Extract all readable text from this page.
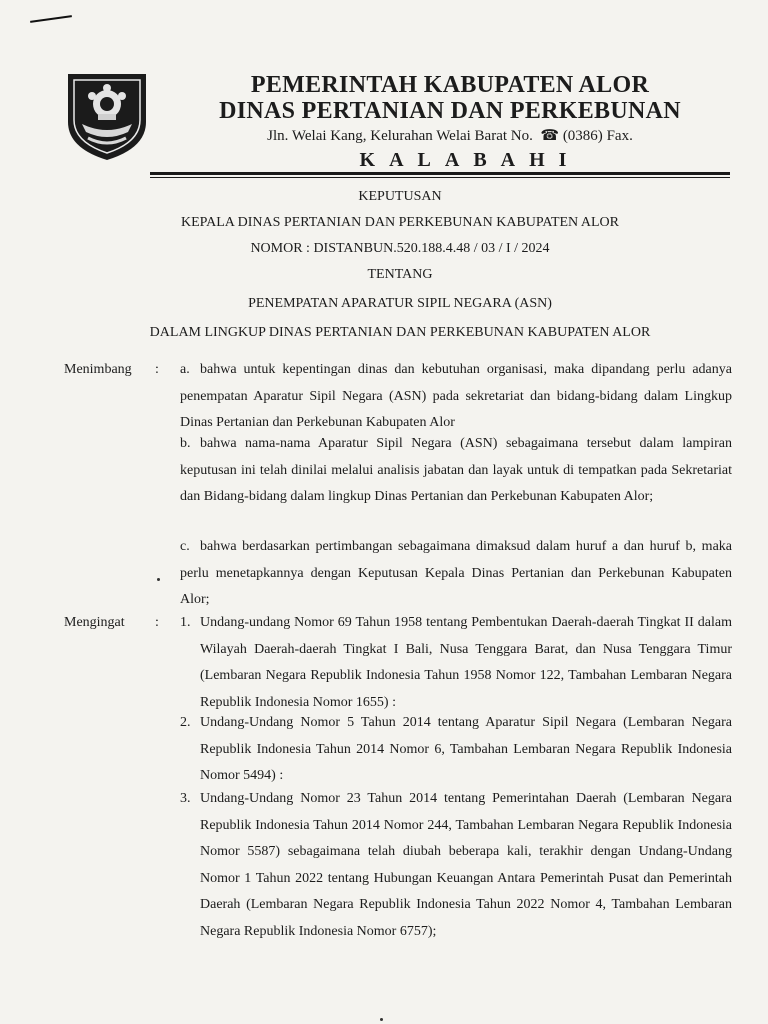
PEMERINTAH KABUPATEN ALOR
DINAS PERTANIAN DAN PERKEBUNAN
Jln. Welai Kang, Kelurahan Welai Barat No.  ☎ (0386) Fax.
KALABAHI
KEPUTUSAN
KEPALA DINAS PERTANIAN DAN PERKEBUNAN KABUPATEN ALOR
NOMOR : DISTANBUN.520.188.4.48 / 03 / I / 2024
TENTANG
PENEMPATAN APARATUR SIPIL NEGARA (ASN)
DALAM LINGKUP DINAS PERTANIAN DAN PERKEBUNAN KABUPATEN ALOR
Menimbang	:	a. bahwa untuk kepentingan dinas dan kebutuhan organisasi, maka dipandang perlu adanya penempatan Aparatur Sipil Negara (ASN) pada sekretariat dan bidang-bidang dalam Lingkup Dinas Pertanian dan Perkebunan Kabupaten Alor
b. bahwa nama-nama Aparatur Sipil Negara (ASN) sebagaimana tersebut dalam lampiran keputusan ini telah dinilai melalui analisis jabatan dan layak untuk di tempatkan pada Sekretariat dan Bidang-bidang dalam lingkup Dinas Pertanian dan Perkebunan Kabupaten Alor;
c. bahwa berdasarkan pertimbangan sebagaimana dimaksud dalam huruf a dan huruf b, maka perlu menetapkannya dengan Keputusan Kepala Dinas Pertanian dan Perkebunan Kabupaten Alor;
Mengingat	:	1. Undang-undang Nomor 69 Tahun 1958 tentang Pembentukan Daerah-daerah Tingkat II dalam Wilayah Daerah-daerah Tingkat I Bali, Nusa Tenggara Barat, dan Nusa Tenggara Timur (Lembaran Negara Republik Indonesia Tahun 1958 Nomor 122, Tambahan Lembaran Negara Republik Indonesia Nomor 1655) :
2. Undang-Undang Nomor 5 Tahun 2014 tentang Aparatur Sipil Negara (Lembaran Negara Republik Indonesia Tahun 2014 Nomor 6, Tambahan Lembaran Negara Republik Indonesia Nomor 5494) :
3. Undang-Undang Nomor 23 Tahun 2014 tentang Pemerintahan Daerah (Lembaran Negara Republik Indonesia Tahun 2014 Nomor 244, Tambahan Lembaran Negara Republik Indonesia Nomor 5587) sebagaimana telah diubah beberapa kali, terakhir dengan Undang-Undang Nomor 1 Tahun 2022 tentang Hubungan Keuangan Antara Pemerintah Pusat dan Pemerintah Daerah (Lembaran Negara Republik Indonesia Tahun 2022 Nomor 4, Tambahan Lembaran Negara Republik Indonesia Nomor 6757);
